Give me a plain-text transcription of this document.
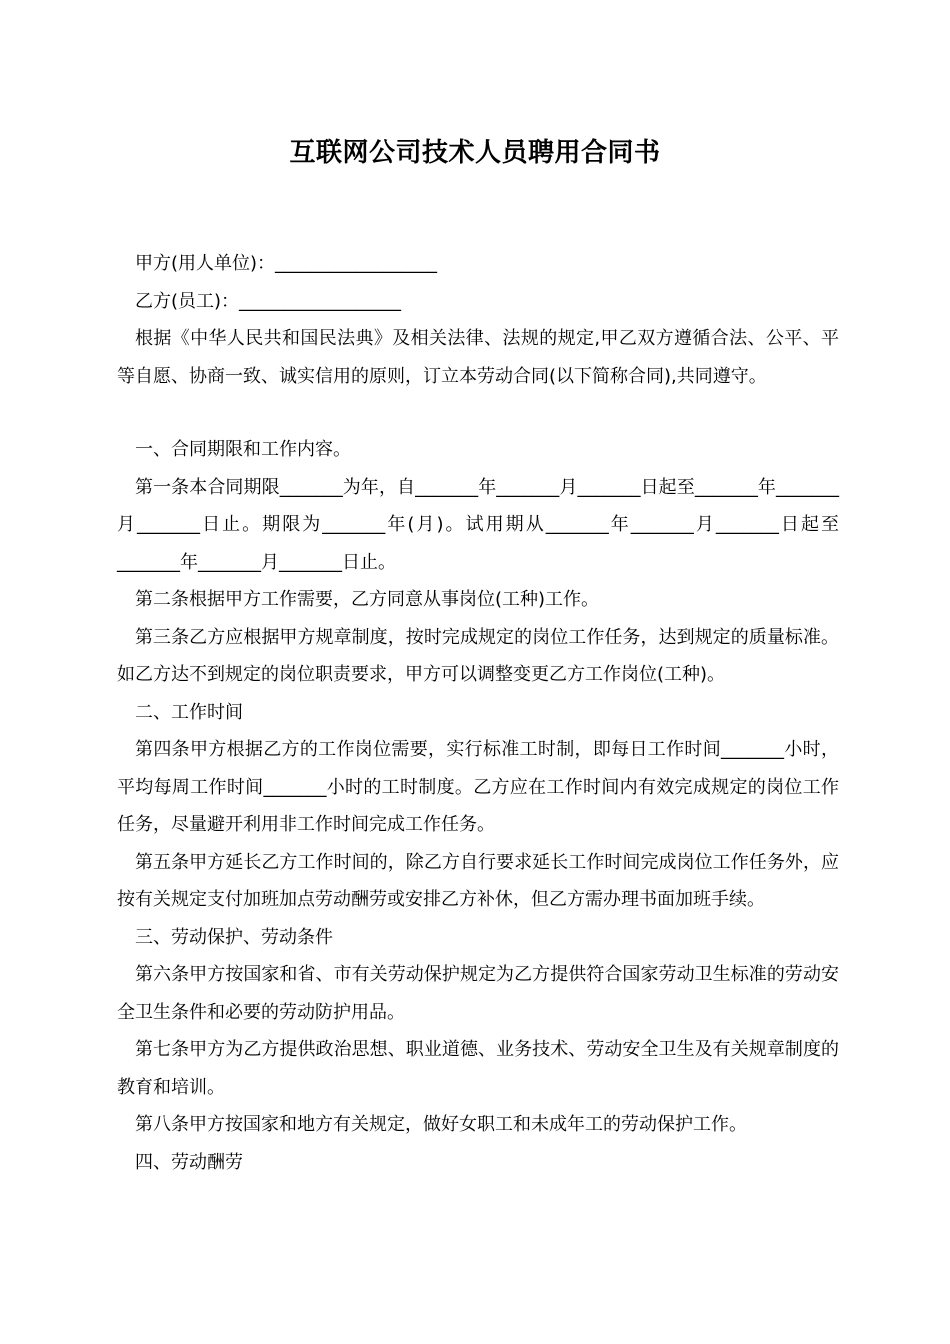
互联网公司技术人员聘用合同书

甲方(用人单位)：__________________

乙方(员工)：__________________

根据《中华人民共和国民法典》及相关法律、法规的规定,甲乙双方遵循合法、公平、平等自愿、协商一致、诚实信用的原则，订立本劳动合同(以下简称合同),共同遵守。

一、合同期限和工作内容。

第一条本合同期限_______为年，自_______年_______月_______日起至_______年_______月_______日止。期限为_______年(月)。试用期从_______年_______月_______日起至_______年_______月_______日止。

第二条根据甲方工作需要，乙方同意从事岗位(工种)工作。

第三条乙方应根据甲方规章制度，按时完成规定的岗位工作任务，达到规定的质量标准。如乙方达不到规定的岗位职责要求，甲方可以调整变更乙方工作岗位(工种)。

二、工作时间

第四条甲方根据乙方的工作岗位需要，实行标准工时制，即每日工作时间_______小时，平均每周工作时间_______小时的工时制度。乙方应在工作时间内有效完成规定的岗位工作任务，尽量避开利用非工作时间完成工作任务。

第五条甲方延长乙方工作时间的，除乙方自行要求延长工作时间完成岗位工作任务外，应按有关规定支付加班加点劳动酬劳或安排乙方补休，但乙方需办理书面加班手续。

三、劳动保护、劳动条件

第六条甲方按国家和省、市有关劳动保护规定为乙方提供符合国家劳动卫生标准的劳动安全卫生条件和必要的劳动防护用品。

第七条甲方为乙方提供政治思想、职业道德、业务技术、劳动安全卫生及有关规章制度的教育和培训。

第八条甲方按国家和地方有关规定，做好女职工和未成年工的劳动保护工作。

四、劳动酬劳
